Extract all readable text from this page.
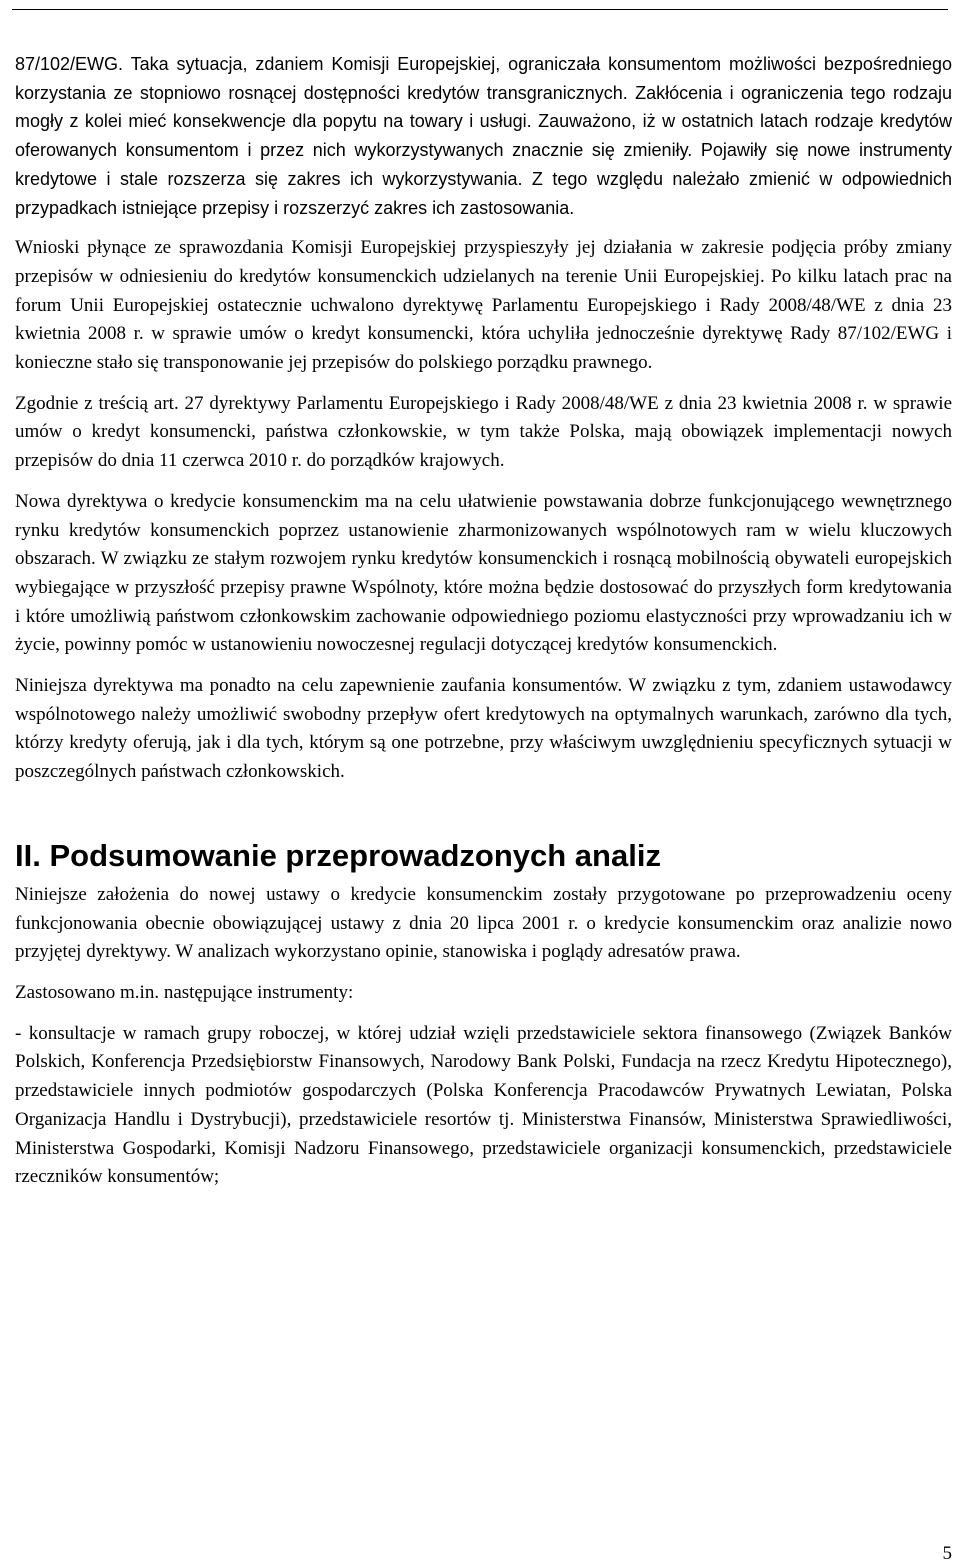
87/102/EWG. Taka sytuacja, zdaniem Komisji Europejskiej, ograniczała konsumentom możliwości bezpośredniego korzystania ze stopniowo rosnącej dostępności kredytów transgranicznych. Zakłócenia i ograniczenia tego rodzaju mogły z kolei mieć konsekwencje dla popytu na towary i usługi. Zauważono, iż w ostatnich latach rodzaje kredytów oferowanych konsumentom i przez nich wykorzystywanych znacznie się zmieniły. Pojawiły się nowe instrumenty kredytowe i stale rozszerza się zakres ich wykorzystywania. Z tego względu należało zmienić w odpowiednich przypadkach istniejące przepisy i rozszerzyć zakres ich zastosowania.

Wnioski płynące ze sprawozdania Komisji Europejskiej przyspieszyły jej działania w zakresie podjęcia próby zmiany przepisów w odniesieniu do kredytów konsumenckich udzielanych na terenie Unii Europejskiej. Po kilku latach prac na forum Unii Europejskiej ostatecznie uchwalono dyrektywę Parlamentu Europejskiego i Rady 2008/48/WE z dnia 23 kwietnia 2008 r. w sprawie umów o kredyt konsumencki, która uchyliła jednocześnie dyrektywę Rady 87/102/EWG i konieczne stało się transponowanie jej przepisów do polskiego porządku prawnego.

Zgodnie z treścią art. 27 dyrektywy Parlamentu Europejskiego i Rady 2008/48/WE z dnia 23 kwietnia 2008 r. w sprawie umów o kredyt konsumencki, państwa członkowskie, w tym także Polska, mają obowiązek implementacji nowych przepisów do dnia 11 czerwca 2010 r. do porządków krajowych.

Nowa dyrektywa o kredycie konsumenckim ma na celu ułatwienie powstawania dobrze funkcjonującego wewnętrznego rynku kredytów konsumenckich poprzez ustanowienie zharmonizowanych wspólnotowych ram w wielu kluczowych obszarach. W związku ze stałym rozwojem rynku kredytów konsumenckich i rosnącą mobilnością obywateli europejskich wybiegające w przyszłość przepisy prawne Wspólnoty, które można będzie dostosować do przyszłych form kredytowania i które umożliwią państwom członkowskim zachowanie odpowiedniego poziomu elastyczności przy wprowadzaniu ich w życie, powinny pomóc w ustanowieniu nowoczesnej regulacji dotyczącej kredytów konsumenckich.

Niniejsza dyrektywa ma ponadto na celu zapewnienie zaufania konsumentów. W związku z tym, zdaniem ustawodawcy wspólnotowego należy umożliwić swobodny przepływ ofert kredytowych na optymalnych warunkach, zarówno dla tych, którzy kredyty oferują, jak i dla tych, którym są one potrzebne, przy właściwym uwzględnieniu specyficznych sytuacji w poszczególnych państwach członkowskich.

II. Podsumowanie przeprowadzonych analiz

Niniejsze założenia do nowej ustawy o kredycie konsumenckim zostały przygotowane po przeprowadzeniu oceny funkcjonowania obecnie obowiązującej ustawy z dnia 20 lipca 2001 r. o kredycie konsumenckim oraz analizie nowo przyjętej dyrektywy. W analizach wykorzystano opinie, stanowiska i poglądy adresatów prawa.

Zastosowano m.in. następujące instrumenty:

- konsultacje w ramach grupy roboczej, w której udział wzięli przedstawiciele sektora finansowego (Związek Banków Polskich, Konferencja Przedsiębiorstw Finansowych, Narodowy Bank Polski, Fundacja na rzecz Kredytu Hipotecznego), przedstawiciele innych podmiotów gospodarczych (Polska Konferencja Pracodawców Prywatnych Lewiatan, Polska Organizacja Handlu i Dystrybucji), przedstawiciele resortów tj. Ministerstwa Finansów, Ministerstwa Sprawiedliwości, Ministerstwa Gospodarki, Komisji Nadzoru Finansowego, przedstawiciele organizacji konsumenckich, przedstawiciele rzeczników konsumentów;

5
